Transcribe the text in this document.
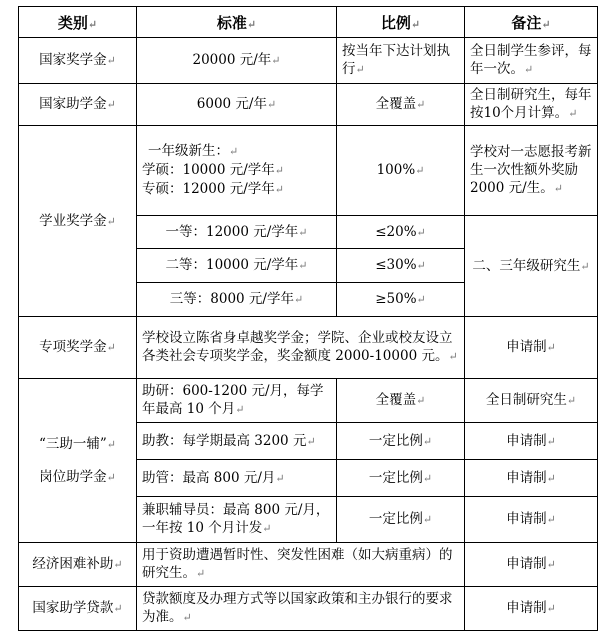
类别↵	标准↵	比例↵	备注↵
国家奖学金↵	20000 元/年↵	按当年下达计划执行↵	全日制学生参评，每年一次。↵
国家助学金↵	6000 元/年↵	全覆盖↵	全日制研究生，每年按10个月计算。↵
学业奖学金↵	一年级新生：↵
学硕：10000 元/学年↵
专硕：12000 元/学年↵	100%↵	学校对一志愿报考新生一次性额外奖励 2000 元/生。↵
	一等：12000 元/学年↵	≤20%↵	二、三年级研究生↵
	二等：10000 元/学年↵	≤30%↵	
	三等：8000 元/学年↵	≥50%↵	
专项奖学金↵	学校设立陈省身卓越奖学金；学院、企业或校友设立各类社会专项奖学金，奖金额度 2000-10000 元。↵		申请制↵

“三助一辅”↵
岗位助学金↵	助研：600-1200 元/月，每学年最高 10 个月↵	全覆盖↵	全日制研究生↵
	助教：每学期最高 3200 元↵	一定比例↵	申请制↵
	助管：最高 800 元/月↵	一定比例↵	申请制↵
	兼职辅导员：最高 800 元/月，一年按 10 个月计发↵	一定比例↵	申请制↵
经济困难补助↵	用于资助遭遇暂时性、突发性困难（如大病重病）的研究生。↵		申请制↵
国家助学贷款↵	贷款额度及办理方式等以国家政策和主办银行的要求为准。↵		申请制↵
